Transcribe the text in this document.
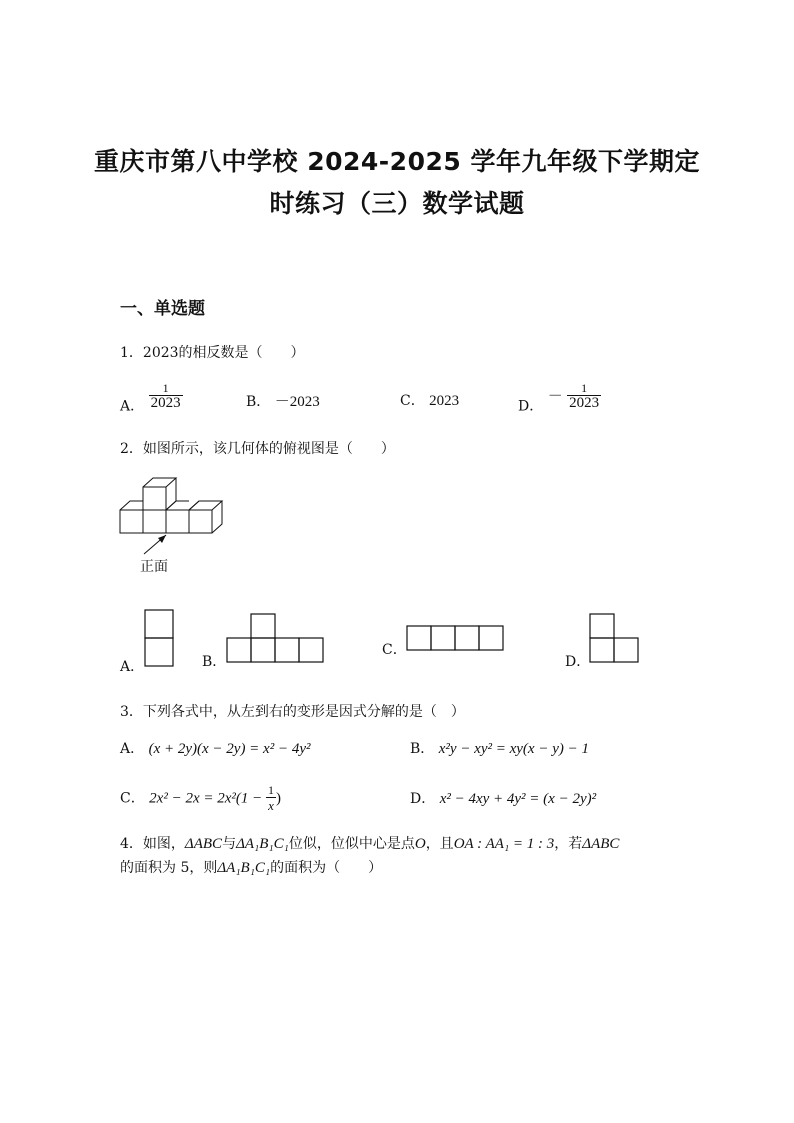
重庆市第八中学校 2024-2025 学年九年级下学期定
时练习（三）数学试题
一、单选题
1．2023的相反数是（　　）
A． $\frac{1}{2023}$	B． －2023	C． 2023	D． － $\frac{1}{2023}$
2．如图所示，该几何体的俯视图是（　　）
正面
A．	B．
C．
D．
3．下列各式中，从左到右的变形是因式分解的是（　）
A． (x + 2y)(x − 2y) = x² − 4y²	B． x²y − xy² = xy(x − y) − 1
C． $2x^2 - 2x = 2x^2(1 - \frac{1}{x}$ )	D． x² − 4xy + 4y² = (x − 2y)²
4．如图，ΔABC与ΔA₁B₁C₁位似，位似中心是点O，且OA : AA₁ = 1 : 3，若ΔABC
的面积为 5，则ΔA₁B₁C₁的面积为（　　）
